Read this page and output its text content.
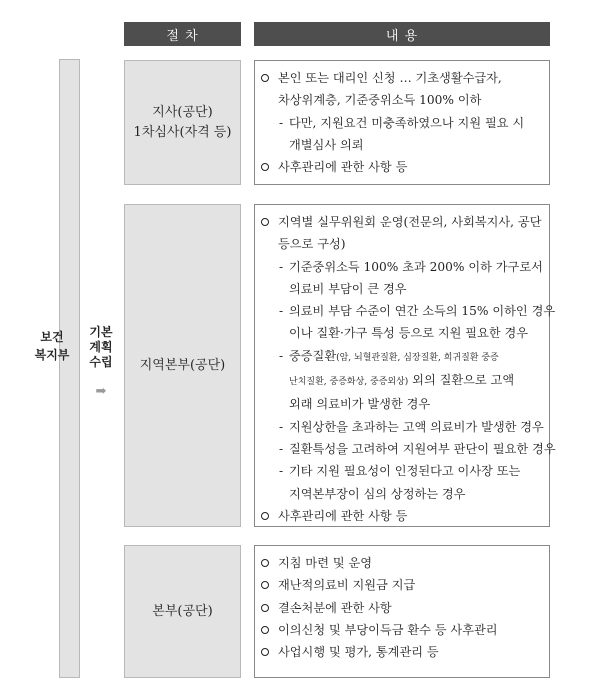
절 차	내 용
보건
복지부
기본
계획
수립
➡
지사(공단)
1차심사(자격 등)
본인 또는 대리인 신청 … 기초생활수급자,
차상위계층, 기준중위소득 100% 이하
- 다만, 지원요건 미충족하였으나 지원 필요 시
개별심사 의뢰
사후관리에 관한 사항 등
지역본부(공단)
지역별 실무위원회 운영(전문의, 사회복지사, 공단
등으로 구성)
- 기준중위소득 100% 초과 200% 이하 가구로서
의료비 부담이 큰 경우
- 의료비 부담 수준이 연간 소득의 15% 이하인 경우
이나 질환·가구 특성 등으로 지원 필요한 경우
- 중증질환(암, 뇌혈관질환, 심장질환, 희귀질환 중증
난치질환, 중증화상, 중증외상) 외의 질환으로 고액
외래 의료비가 발생한 경우
- 지원상한을 초과하는 고액 의료비가 발생한 경우
- 질환특성을 고려하여 지원여부 판단이 필요한 경우
- 기타 지원 필요성이 인정된다고 이사장 또는
지역본부장이 심의 상정하는 경우
사후관리에 관한 사항 등
본부(공단)
지침 마련 및 운영
재난적의료비 지원금 지급
결손처분에 관한 사항
이의신청 및 부당이득금 환수 등 사후관리
사업시행 및 평가, 통계관리 등
